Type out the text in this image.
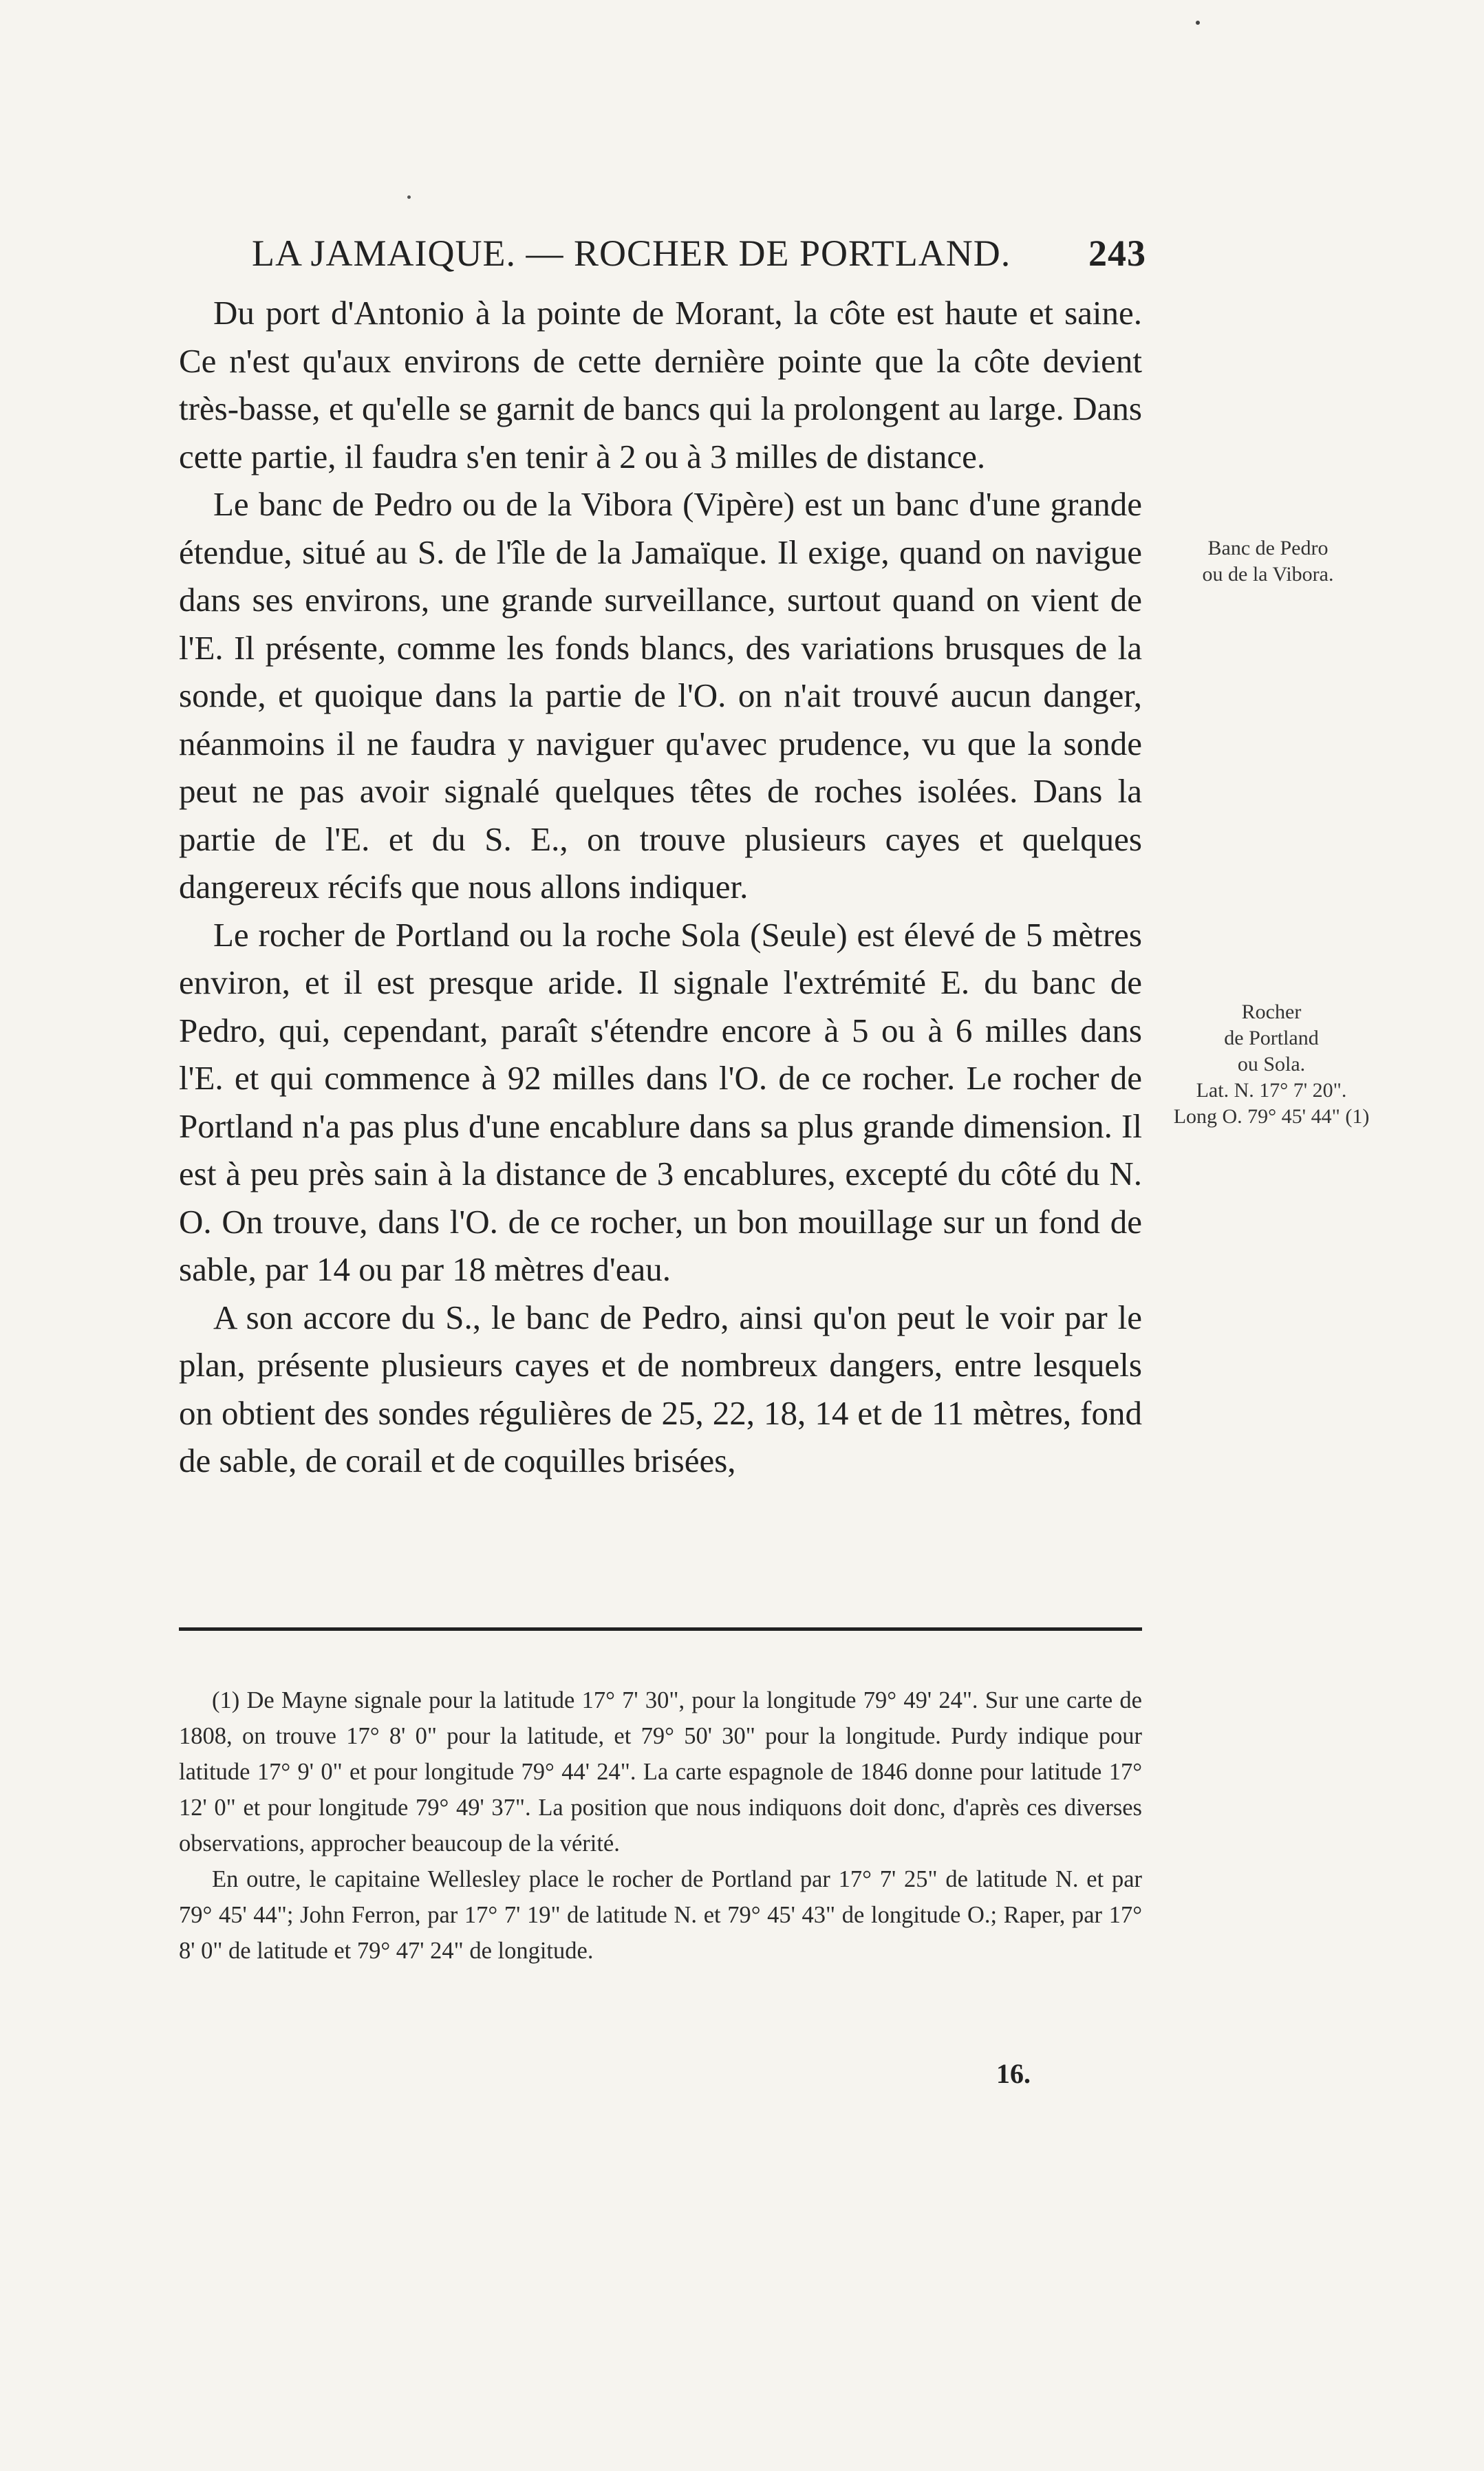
LA JAMAIQUE. — ROCHER DE PORTLAND. 243

Du port d'Antonio à la pointe de Morant, la côte est haute et saine. Ce n'est qu'aux environs de cette dernière pointe que la côte devient très-basse, et qu'elle se garnit de bancs qui la prolongent au large. Dans cette partie, il faudra s'en tenir à 2 ou à 3 milles de distance.

Le banc de Pedro ou de la Vibora (Vipère) est un banc d'une grande étendue, situé au S. de l'île de la Jamaïque. Il exige, quand on navigue dans ses environs, une grande surveillance, surtout quand on vient de l'E. Il présente, comme les fonds blancs, des variations brusques de la sonde, et quoique dans la partie de l'O. on n'ait trouvé aucun danger, néanmoins il ne faudra y naviguer qu'avec prudence, vu que la sonde peut ne pas avoir signalé quelques têtes de roches isolées. Dans la partie de l'E. et du S. E., on trouve plusieurs cayes et quelques dangereux récifs que nous allons indiquer.

Le rocher de Portland ou la roche Sola (Seule) est élevé de 5 mètres environ, et il est presque aride. Il signale l'extrémité E. du banc de Pedro, qui, cependant, paraît s'étendre encore à 5 ou à 6 milles dans l'E. et qui commence à 92 milles dans l'O. de ce rocher. Le rocher de Portland n'a pas plus d'une encablure dans sa plus grande dimension. Il est à peu près sain à la distance de 3 encablures, excepté du côté du N. O. On trouve, dans l'O. de ce rocher, un bon mouillage sur un fond de sable, par 14 ou par 18 mètres d'eau.

A son accore du S., le banc de Pedro, ainsi qu'on peut le voir par le plan, présente plusieurs cayes et de nombreux dangers, entre lesquels on obtient des sondes régulières de 25, 22, 18, 14 et de 11 mètres, fond de sable, de corail et de coquilles brisées,

Banc de Pedro
ou de la Vibora.
Rocher
de Portland
ou Sola.
Lat. N. 17° 7' 20".
Long O. 79° 45' 44" (1)

(1) De Mayne signale pour la latitude 17° 7' 30", pour la longitude 79° 49' 24". Sur une carte de 1808, on trouve 17° 8' 0" pour la latitude, et 79° 50' 30" pour la longitude. Purdy indique pour latitude 17° 9' 0" et pour longitude 79° 44' 24". La carte espagnole de 1846 donne pour latitude 17° 12' 0" et pour longitude 79° 49' 37". La position que nous indiquons doit donc, d'après ces diverses observations, approcher beaucoup de la vérité.

En outre, le capitaine Wellesley place le rocher de Portland par 17° 7' 25" de latitude N. et par 79° 45' 44"; John Ferron, par 17° 7' 19" de latitude N. et 79° 45' 43" de longitude O.; Raper, par 17° 8' 0" de latitude et 79° 47' 24" de longitude.

16.
